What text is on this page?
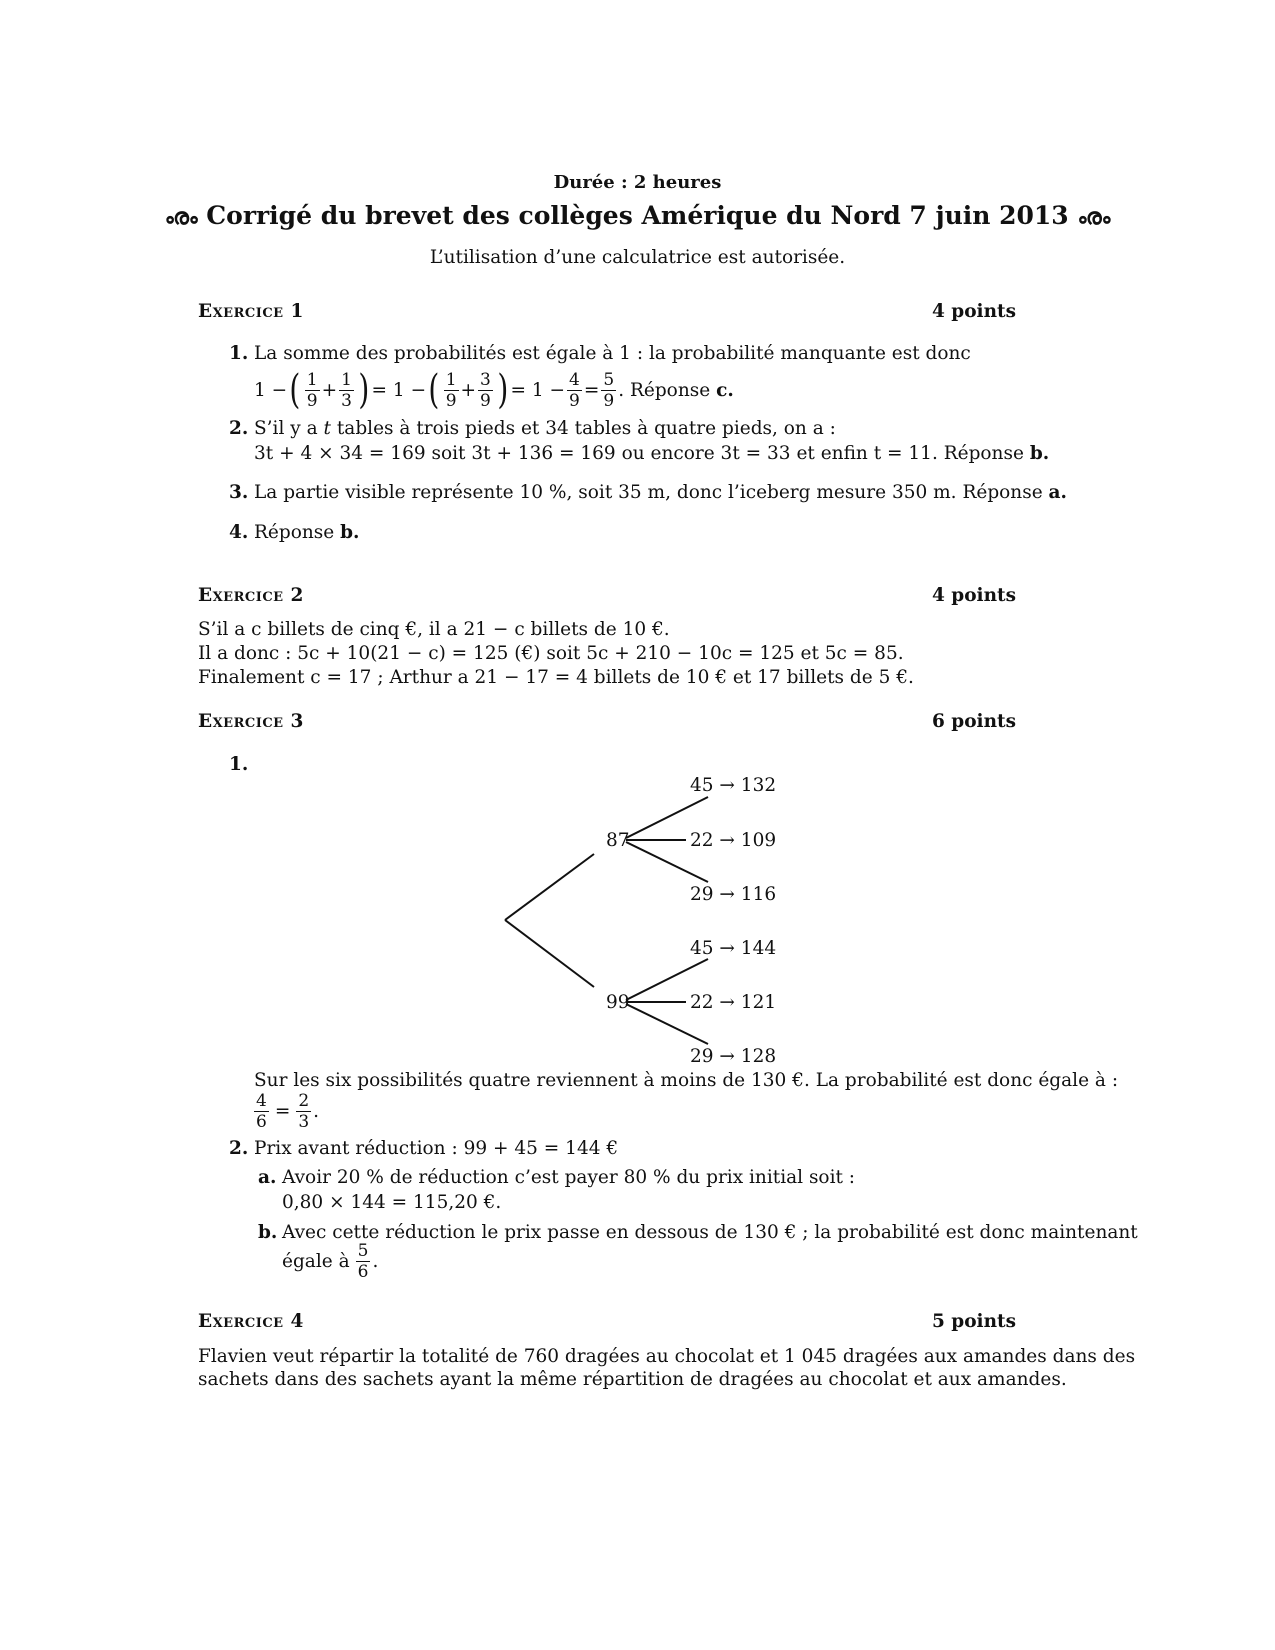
Durée : 2 heures
ൟ Corrigé du brevet des collèges Amérique du Nord 7 juin 2013 ൟ
L’utilisation d’une calculatrice est autorisée.
Exercice 1	4 points
1. La somme des probabilités est égale à 1 : la probabilité manquante est donc
1 − ( $\frac{1}{9} + \frac{1}{3}$ ) = 1 − ( $\frac{1}{9} + \frac{3}{9}$ ) = $1 - \frac{4}{9} = \frac{5}{9}$ . Réponse
c.
2. S’il y a t tables à trois pieds et 34 tables à quatre pieds, on a :
3t + 4 × 34 = 169 soit 3t + 136 = 169 ou encore 3t = 33 et enfin t = 11. Réponse b.
3. La partie visible représente 10 %, soit 35 m, donc l’iceberg mesure 350 m. Réponse a.
4. Réponse b.
Exercice 2	4 points
S’il a c billets de cinq €, il a 21 − c billets de 10 €.
Il a donc : 5c + 10(21 − c) = 125 (€) soit 5c + 210 − 10c = 125 et 5c = 85.
Finalement c = 17 ; Arthur a 21 − 17 = 4 billets de 10 € et 17 billets de 5 €.
Exercice 3	6 points
1.
87
99
45 → 132
22 → 109
29 → 116
45 → 144
22 → 121
29 → 128
Sur les six possibilités quatre reviennent à moins de 130 €. La probabilité est donc égale à :
$\frac{4}{6} = \frac{2}{3}$ .
2. Prix avant réduction : 99 + 45 = 144 €
a. Avoir 20 % de réduction c’est payer 80 % du prix initial soit :
0,80 × 144 = 115,20 €.
b. Avec cette réduction le prix passe en dessous de 130 € ; la probabilité est donc maintenant
égale à $\frac{5}{6}$ .
Exercice 4	5 points
Flavien veut répartir la totalité de 760 dragées au chocolat et 1 045 dragées aux amandes dans des
sachets dans des sachets ayant la même répartition de dragées au chocolat et aux amandes.
